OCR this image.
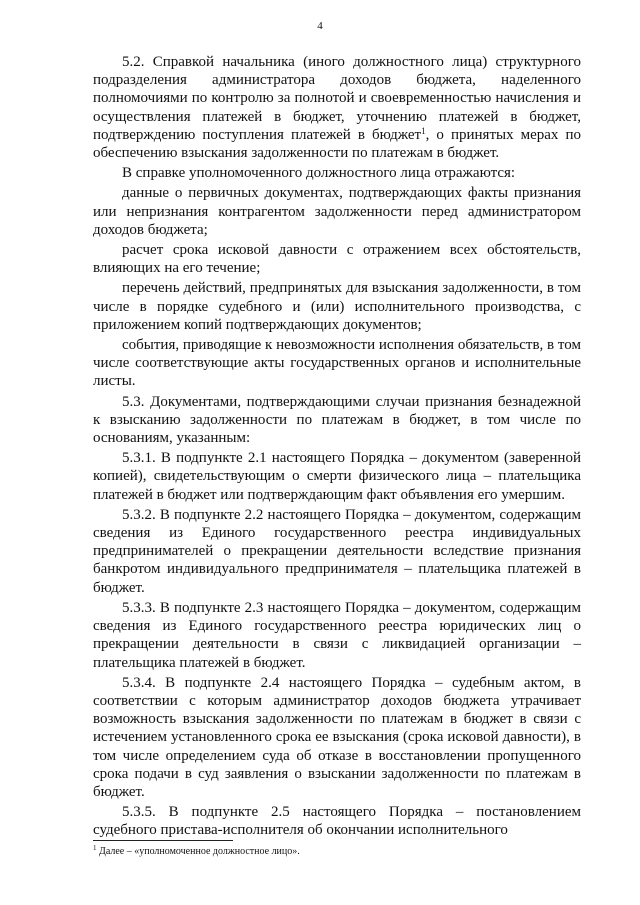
4

5.2. Справкой начальника (иного должностного лица) структурного подразделения администратора доходов бюджета, наделенного полномочиями по контролю за полнотой и своевременностью начисления и осуществления платежей в бюджет, уточнению платежей в бюджет, подтверждению поступления платежей в бюджет$^1$, о принятых мерах по обеспечению взыскания задолженности по платежам в бюджет.

В справке уполномоченного должностного лица отражаются:

данные о первичных документах, подтверждающих факты признания или непризнания контрагентом задолженности перед администратором доходов бюджета;

расчет срока исковой давности с отражением всех обстоятельств, влияющих на его течение;

перечень действий, предпринятых для взыскания задолженности, в том числе в порядке судебного и (или) исполнительного производства, с приложением копий подтверждающих документов;

события, приводящие к невозможности исполнения обязательств, в том числе соответствующие акты государственных органов и исполнительные листы.

5.3. Документами, подтверждающими случаи признания безнадежной к взысканию задолженности по платежам в бюджет, в том числе по основаниям, указанным:

5.3.1. В подпункте 2.1 настоящего Порядка – документом (заверенной копией), свидетельствующим о смерти физического лица – плательщика платежей в бюджет или подтверждающим факт объявления его умершим.

5.3.2. В подпункте 2.2 настоящего Порядка – документом, содержащим сведения из Единого государственного реестра индивидуальных предпринимателей о прекращении деятельности вследствие признания банкротом индивидуального предпринимателя – плательщика платежей в бюджет.

5.3.3. В подпункте 2.3 настоящего Порядка – документом, содержащим сведения из Единого государственного реестра юридических лиц о прекращении деятельности в связи с ликвидацией организации – плательщика платежей в бюджет.

5.3.4. В подпункте 2.4 настоящего Порядка – судебным актом, в соответствии с которым администратор доходов бюджета утрачивает возможность взыскания задолженности по платежам в бюджет в связи с истечением установленного срока ее взыскания (срока исковой давности), в том числе определением суда об отказе в восстановлении пропущенного срока подачи в суд заявления о взыскании задолженности по платежам в бюджет.

5.3.5. В подпункте 2.5 настоящего Порядка – постановлением судебного пристава-исполнителя об окончании исполнительного

$^1$ Далее – «уполномоченное должностное лицо».
